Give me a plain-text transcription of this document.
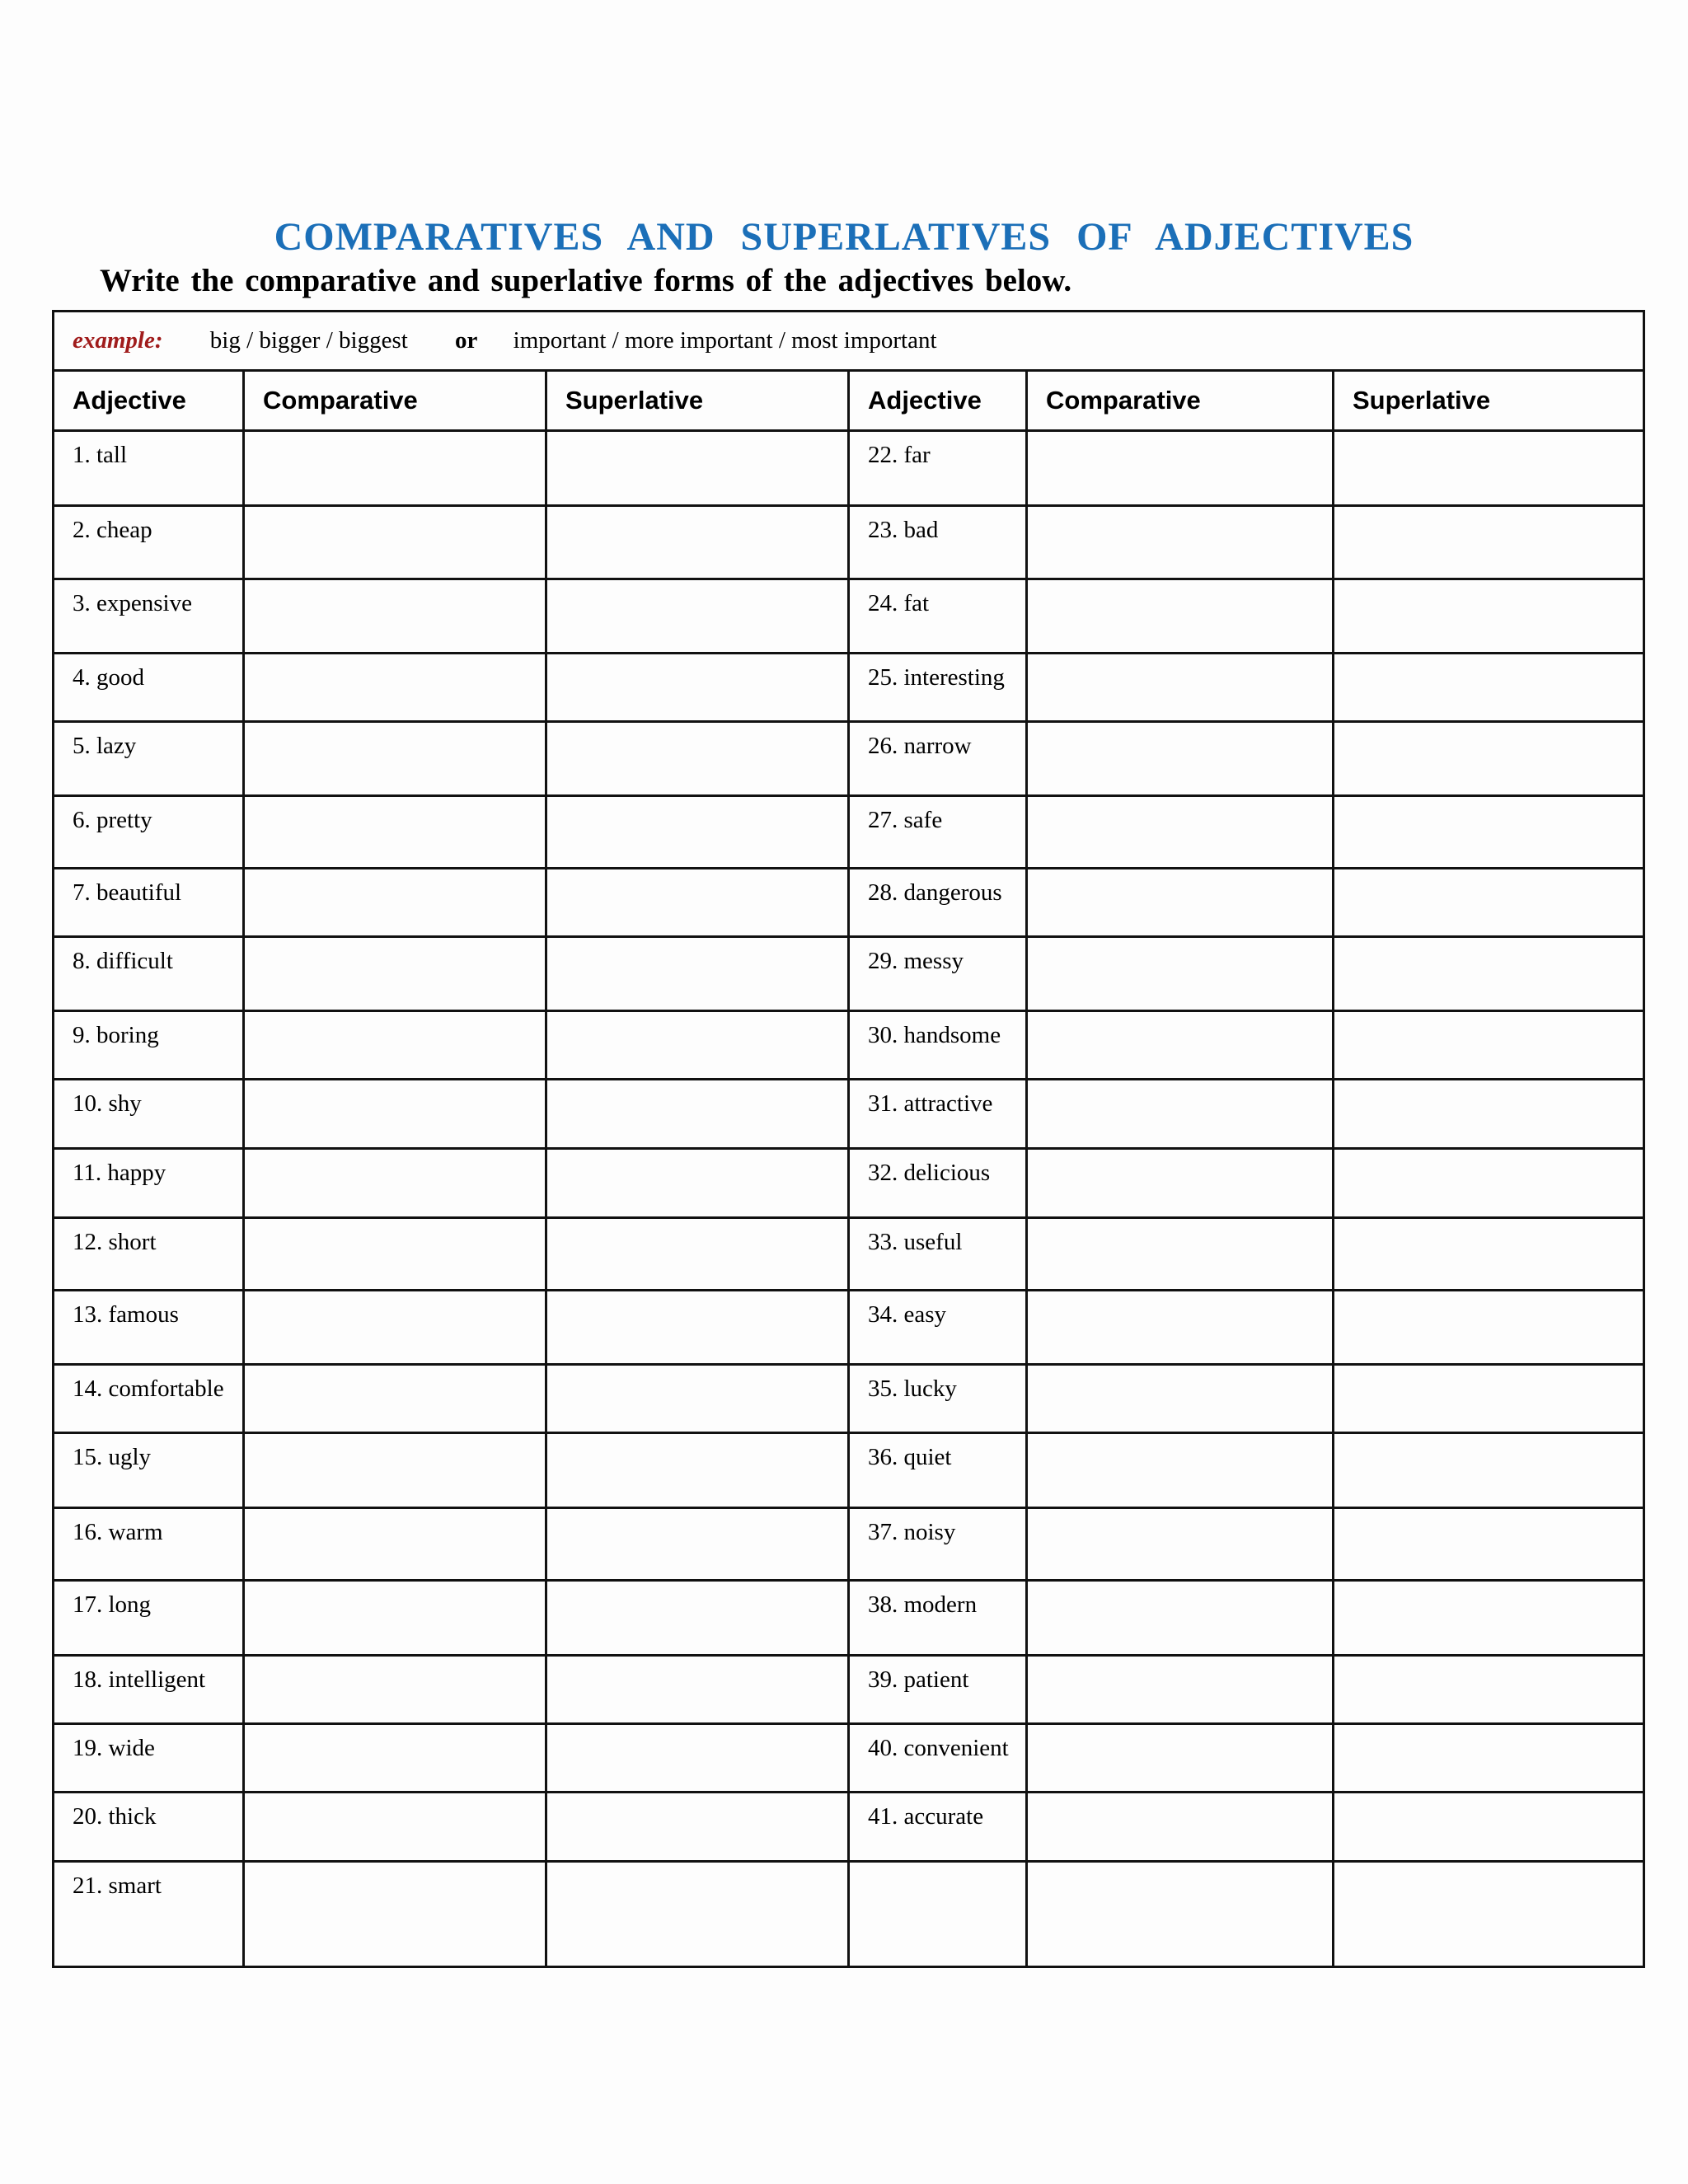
COMPARATIVES AND SUPERLATIVES OF ADJECTIVES

Write the comparative and superlative forms of the adjectives below.

example: big / bigger / biggest or important / more important / most important					
Adjective	Comparative	Superlative	Adjective	Comparative	Superlative
1. tall			22. far		
2. cheap			23. bad		
3. expensive			24. fat		
4. good			25. interesting		
5. lazy			26. narrow		
6. pretty			27. safe		
7. beautiful			28. dangerous		
8. difficult			29. messy		
9. boring			30. handsome		
10. shy			31. attractive		
11. happy			32. delicious		
12. short			33. useful		
13. famous			34. easy		
14. comfortable			35. lucky		
15. ugly			36. quiet		
16. warm			37. noisy		
17. long			38. modern		
18. intelligent			39. patient		
19. wide			40. convenient		
20. thick			41. accurate		
21. smart					
